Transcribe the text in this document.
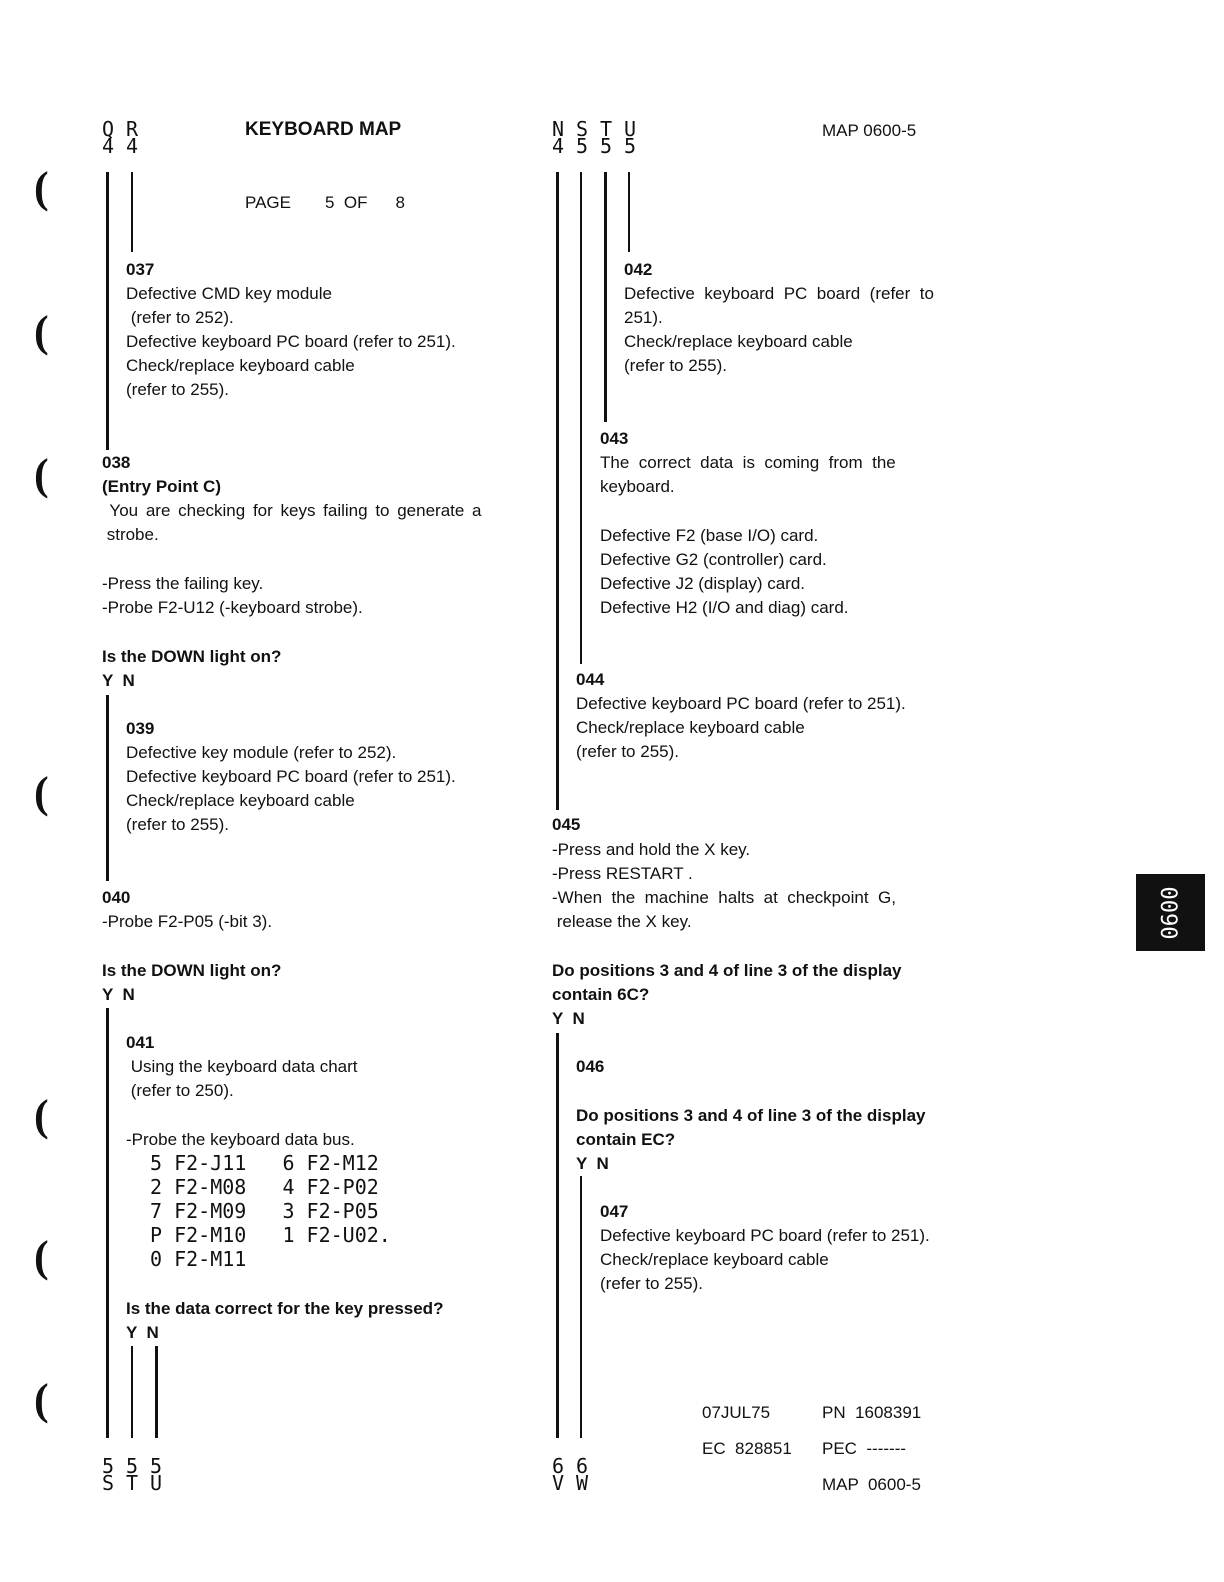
(
(
(
(
(
(
(
Q
4
R
4
KEYBOARD MAP
PAGE 5 OF 8
N
4
S
5
T
5
U
5
MAP 0600-5
037
Defective CMD key module
(refer to 252).
Defective keyboard PC board (refer to 251).
Check/replace keyboard cable
(refer to 255).
038
(Entry Point C)
You are checking for keys failing to generate a
strobe.
-Press the failing key.
-Probe F2-U12 (-keyboard strobe).
Is the DOWN light on?
Y  N
039
Defective key module (refer to 252).
Defective keyboard PC board (refer to 251).
Check/replace keyboard cable
(refer to 255).
040
-Probe F2-P05 (-bit 3).
Is the DOWN light on?
Y  N
041
Using the keyboard data chart
(refer to 250).
-Probe the keyboard data bus.
5 F2-J11   6 F2-M12
2 F2-M08   4 F2-P02
7 F2-M09   3 F2-P05
P F2-M10   1 F2-U02.
0 F2-M11
Is the data correct for the key pressed?
Y  N
042
Defective  keyboard  PC  board  (refer  to
251).
Check/replace keyboard cable
(refer to 255).
043
The  correct  data  is  coming  from  the
keyboard.
Defective F2 (base I/O) card.
Defective G2 (controller) card.
Defective J2 (display) card.
Defective H2 (I/O and diag) card.
044
Defective keyboard PC board (refer to 251).
Check/replace keyboard cable
(refer to 255).
045
-Press and hold the X key.
-Press RESTART .
-When  the  machine  halts  at  checkpoint  G,
release the X key.
Do positions 3 and 4 of line 3 of the display
contain 6C?
Y  N
046
Do positions 3 and 4 of line 3 of the display
contain EC?
Y  N
047
Defective keyboard PC board (refer to 251).
Check/replace keyboard cable
(refer to 255).
5
S
5
T
5
U
6
V
6
W
07JUL75	PN  1608391
EC  828851 PEC  -------
MAP  0600-5
0600
